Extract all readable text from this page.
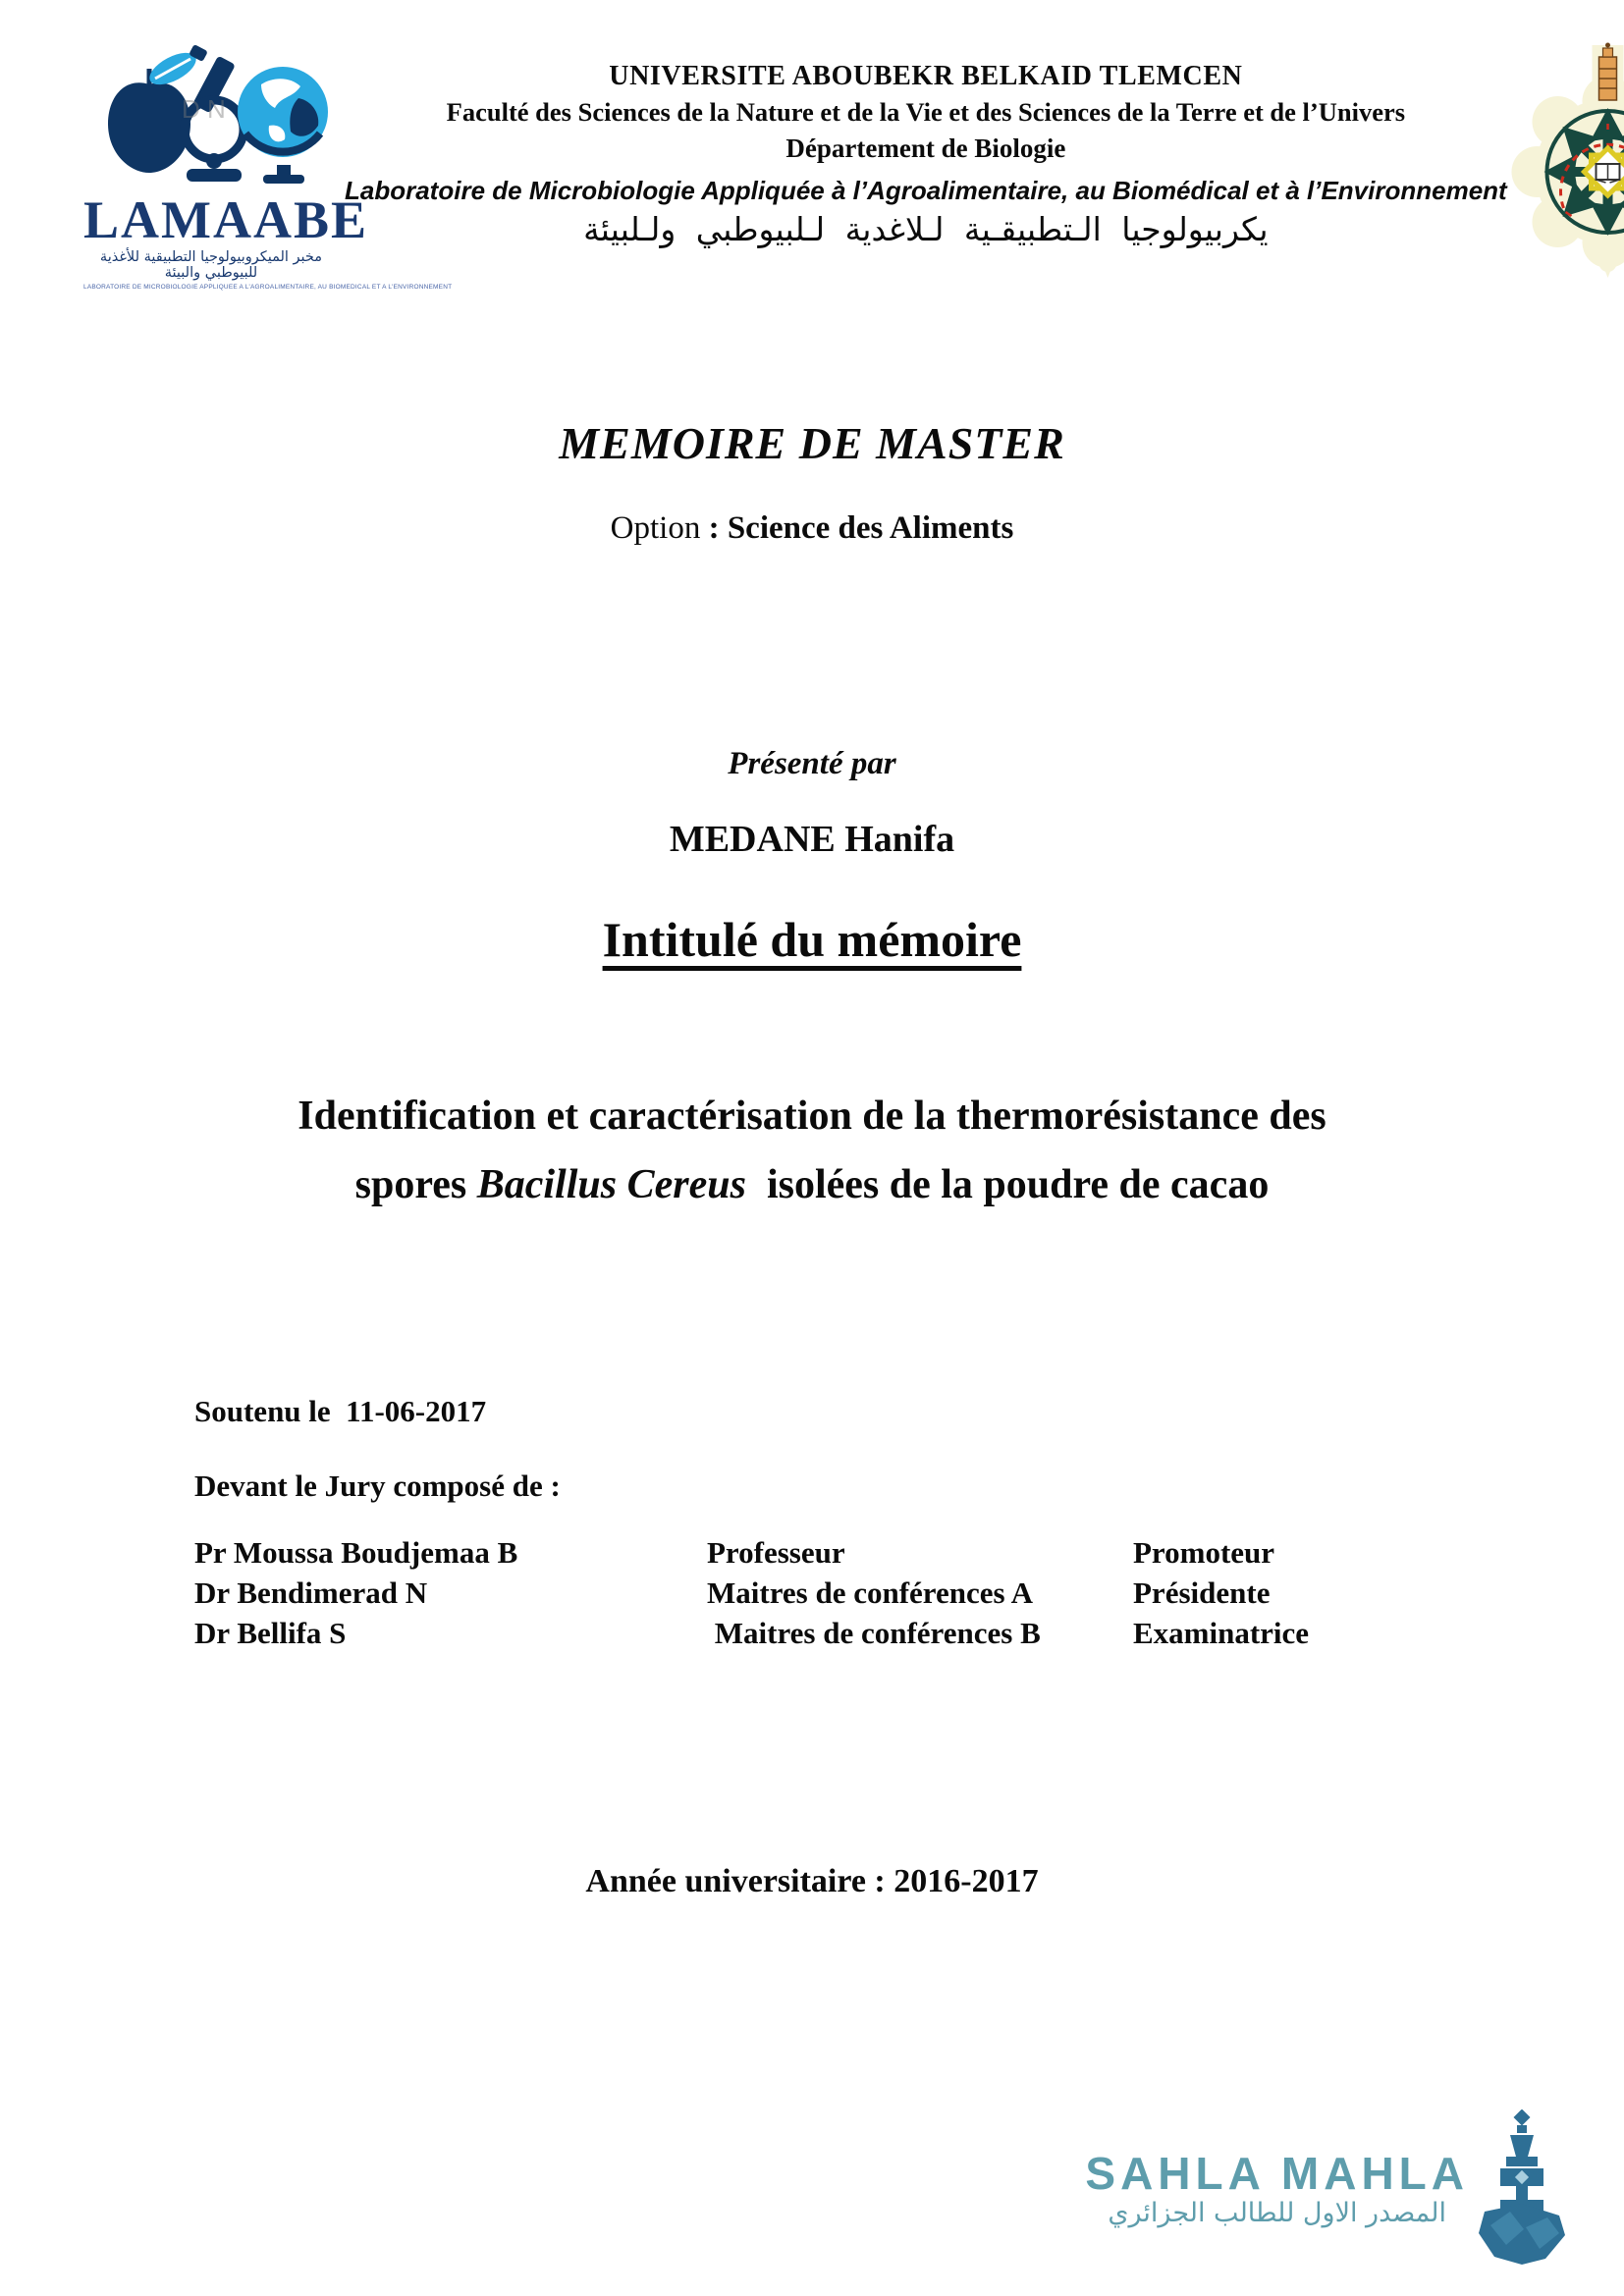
D N
LAMAABE
مخبر الميكروبيولوجيا التطبيقية للأغذية للبيوطبي والبيئة
LABORATOIRE DE MICROBIOLOGIE APPLIQUEE A L'AGROALIMENTAIRE, AU BIOMEDICAL ET A L'ENVIRONNEMENT
UNIVERSITE ABOUBEKR BELKAID TLEMCEN
Faculté des Sciences de la Nature et de la Vie et des Sciences de la Terre et de l’Univers
Département de Biologie
Laboratoire de Microbiologie Appliquée à l’Agroalimentaire, au Biomédical et à l’Environnement
يكربيولوجيا الـتطبيقـية لـلاغدية لـلبيوطبي ولـلبيئة
MEMOIRE DE MASTER
Option : Science des Aliments
Présenté par
MEDANE Hanifa
Intitulé du mémoire
Identification et caractérisation de la thermorésistance des
spores Bacillus Cereus  isolées de la poudre de cacao
Soutenu le  11-06-2017
Devant le Jury composé de :
Pr Moussa Boudjemaa B	Professeur	Promoteur
Dr Bendimerad N	Maitres de conférences A	Présidente
Dr Bellifa S	Maitres de conférences B	Examinatrice
Année universitaire : 2016-2017
SAHLA MAHLA
المصدر الاول للطالب الجزائري
